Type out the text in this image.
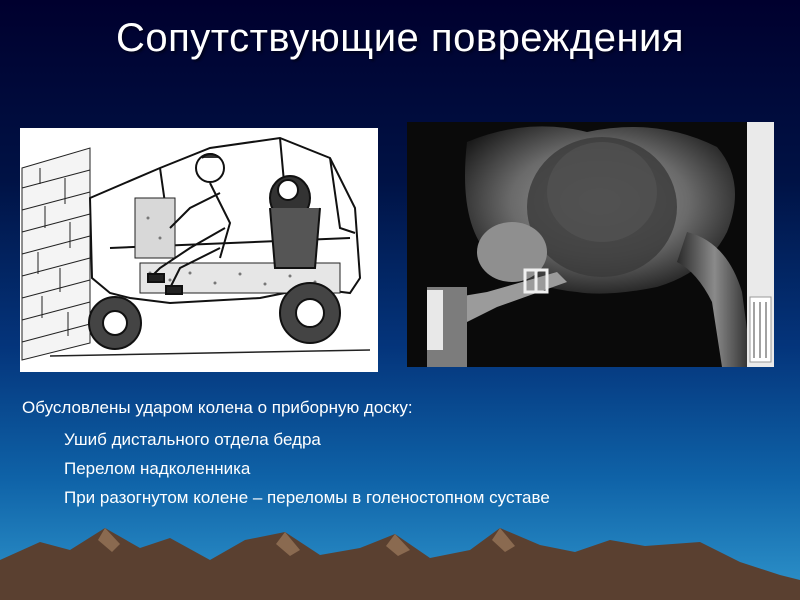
Сопутствующие повреждения
Обусловлены ударом колена о приборную доску:
Ушиб дистального отдела бедра
Перелом надколенника
При разогнутом колене – переломы в голеностопном суставе
